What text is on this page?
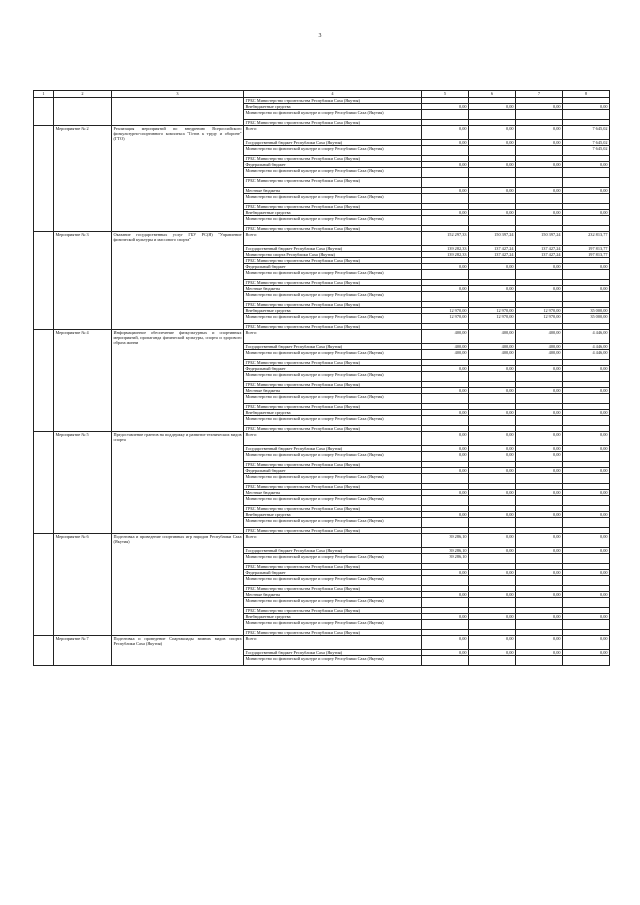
3
1	2	3	4	5	6	7	8
			ГРБС Министерство строительства Республики Саха (Якутия)				
			Внебюджетные средства	0,00	0,00	0,00	0,00
			Министерство по физической культуре и спорту Республики Саха (Якутия)				
			ГРБС Министерство строительства Республики Саха (Якутия)				
	Мероприятие № 2	Реализация мероприятий по внедрению Всероссийского физкультурно-спортивного комплекса "Готов к труду и обороне" (ГТО)	Всего:	0,00	0,00	0,00	7 645,02
			Государственный бюджет Республики Саха (Якутия)	0,00	0,00	0,00	7 645,02
			Министерство по физической культуре и спорту Республики Саха (Якутия)				7 645,02
			ГРБС Министерство строительства Республики Саха (Якутия)				
			Федеральный бюджет	0,00	0,00	0,00	0,00
			Министерство по физической культуре и спорту Республики Саха (Якутия)				
			ГРБС Министерство строительства Республики Саха (Якутия)				
			Местные бюджеты	0,00	0,00	0,00	0,00
			Министерство по физической культуре и спорту Республики Саха (Якутия)				
			ГРБС Министерство строительства Республики Саха (Якутия)				
			Внебюджетные средства	0,00	0,00	0,00	0,00
			Министерство по физической культуре и спорту Республики Саха (Якутия)				
			ГРБС Министерство строительства Республики Саха (Якутия)				
	Мероприятие № 3	Оказание государственных услуг ГБУ РС(Я) "Управление физической культуры и массового спорта"	Всего:	152 297,33	150 397,24	150 397,24	232 813,77
			Государственный бюджет Республики Саха (Якутия)	139 282,33	137 427,24	137 427,24	197 813,77
			Министерство спорта Республики Саха (Якутия)	139 282,33	137 427,24	137 427,24	197 813,77
			ГРБС Министерство строительства Республики Саха (Якутия)				
			Федеральный бюджет	0,00	0,00	0,00	0,00
			Министерство по физической культуре и спорту Республики Саха (Якутия)				
			ГРБС Министерство строительства Республики Саха (Якутия)				
			Местные бюджеты	0,00	0,00	0,00	0,00
			Министерство по физической культуре и спорту Республики Саха (Якутия)				
			ГРБС Министерство строительства Республики Саха (Якутия)				
			Внебюджетные средства	12 970,00	12 970,00	12 970,00	35 000,00
			Министерство по физической культуре и спорту Республики Саха (Якутия)	12 970,00	12 970,00	12 970,00	35 000,00
			ГРБС Министерство строительства Республики Саха (Якутия)				
	Мероприятие № 4	Информационное обеспечение физкультурных и спортивных мероприятий, пропаганда физической культуры, спорта и здорового образа жизни	Всего:	400,00	400,00	400,00	4 446,00
			Государственный бюджет Республики Саха (Якутия)	400,00	400,00	400,00	4 446,00
			Министерство по физической культуре и спорту Республики Саха (Якутия)	400,00	400,00	400,00	4 446,00
			ГРБС Министерство строительства Республики Саха (Якутия)				
			Федеральный бюджет	0,00	0,00	0,00	0,00
			Министерство по физической культуре и спорту Республики Саха (Якутия)				
			ГРБС Министерство строительства Республики Саха (Якутия)				
			Местные бюджеты	0,00	0,00	0,00	0,00
			Министерство по физической культуре и спорту Республики Саха (Якутия)				
			ГРБС Министерство строительства Республики Саха (Якутия)				
			Внебюджетные средства	0,00	0,00	0,00	0,00
			Министерство по физической культуре и спорту Республики Саха (Якутия)				
			ГРБС Министерство строительства Республики Саха (Якутия)				
	Мероприятие № 5	Предоставление грантов на поддержку и развитие технических видов спорта	Всего:	0,00	0,00	0,00	0,00
			Государственный бюджет Республики Саха (Якутия)	0,00	0,00	0,00	0,00
			Министерство по физической культуре и спорту Республики Саха (Якутия)	0,00	0,00	0,00	
			ГРБС Министерство строительства Республики Саха (Якутия)				
			Федеральный бюджет	0,00	0,00	0,00	0,00
			Министерство по физической культуре и спорту Республики Саха (Якутия)				
			ГРБС Министерство строительства Республики Саха (Якутия)				
			Местные бюджеты	0,00	0,00	0,00	0,00
			Министерство по физической культуре и спорту Республики Саха (Якутия)				
			ГРБС Министерство строительства Республики Саха (Якутия)				
			Внебюджетные средства	0,00	0,00	0,00	0,00
			Министерство по физической культуре и спорту Республики Саха (Якутия)				
			ГРБС Министерство строительства Республики Саха (Якутия)				
	Мероприятие № 6	Подготовка и проведение спортивных игр народов Республики Саха (Якутия)	Всего:	39 286,10	0,00	0,00	0,00
			Государственный бюджет Республики Саха (Якутия)	39 286,10	0,00	0,00	0,00
			Министерство по физической культуре и спорту Республики Саха (Якутия)	39 286,10			
			ГРБС Министерство строительства Республики Саха (Якутия)				
			Федеральный бюджет	0,00	0,00	0,00	0,00
			Министерство по физической культуре и спорту Республики Саха (Якутия)				
			ГРБС Министерство строительства Республики Саха (Якутия)				
			Местные бюджеты	0,00	0,00	0,00	0,00
			Министерство по физической культуре и спорту Республики Саха (Якутия)				
			ГРБС Министерство строительства Республики Саха (Якутия)				
			Внебюджетные средства	0,00	0,00	0,00	0,00
			Министерство по физической культуре и спорту Республики Саха (Якутия)				
			ГРБС Министерство строительства Республики Саха (Якутия)				
	Мероприятие № 7	Подготовка и проведение Спартакиады зимних видов спорта Республики Саха (Якутия)	Всего:	0,00	0,00	0,00	0,00
			Государственный бюджет Республики Саха (Якутия)	0,00	0,00	0,00	0,00
			Министерство по физической культуре и спорту Республики Саха (Якутия)				
